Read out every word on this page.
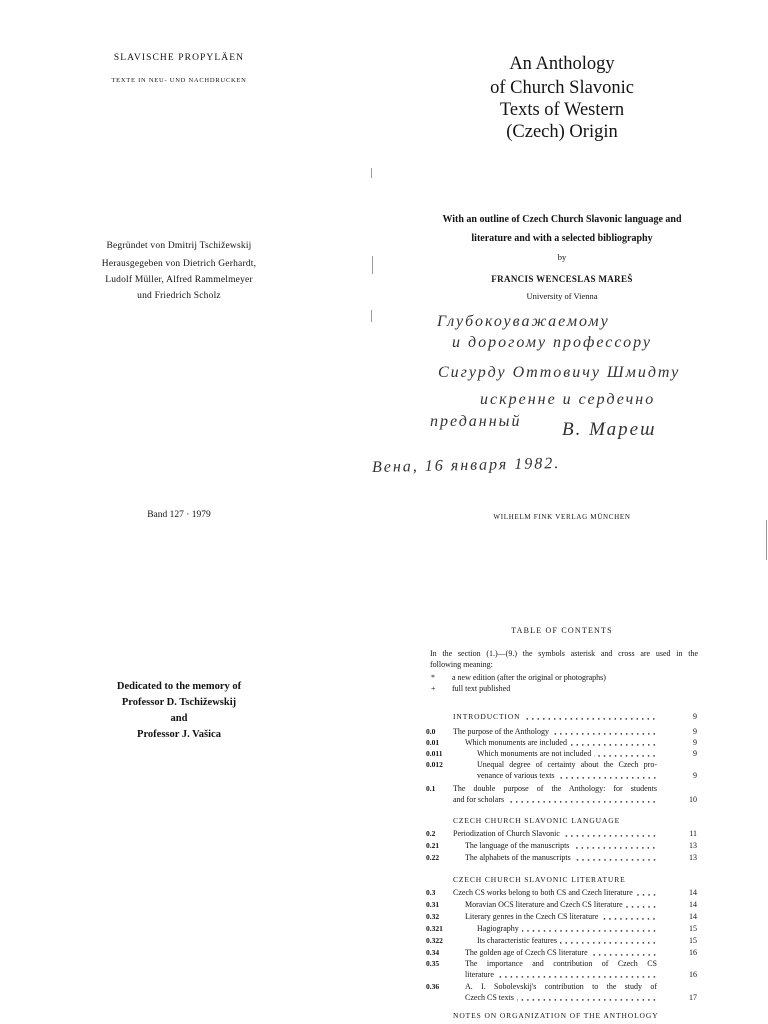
SLAVISCHE PROPYLÄEN
TEXTE IN NEU- UND NACHDRUCKEN
Begründet von Dmitrij Tschižewskij
Herausgegeben von Dietrich Gerhardt,
Ludolf Müller, Alfred Rammelmeyer
und Friedrich Scholz
Band 127 · 1979
Dedicated to the memory of
Professor D. Tschižewskij
and
Professor J. Vašica
An Anthology
of Church Slavonic
Texts of Western
(Czech) Origin
With an outline of Czech Church Slavonic language and
literature and with a selected bibliography
by
FRANCIS WENCESLAS MAREŠ
University of Vienna
Глубокоуважаемому
и дорогому профессору
Сигурду Оттовичу Шмидту
искренне и сердечно
преданный В. Мареш
Вена, 16 января 1982.
WILHELM FINK VERLAG MÜNCHEN
TABLE OF CONTENTS
In the section (1.)—(9.) the symbols asterisk and cross are used in the
following meaning:
* a new edition (after the original or photographs)
+ full text published
INTRODUCTION	9
0.0 The purpose of the Anthology	9
0.01	Which monuments are included	9
0.011	Which monuments are not included	9
0.012	Unequal degree of certainty about the Czech pro-
venance of various texts	9
0.1 The double purpose of the Anthology: for students
and for scholars	10
CZECH CHURCH SLAVONIC LANGUAGE
0.2 Periodization of Church Slavonic	11
0.21	The language of the manuscripts	13
0.22	The alphabets of the manuscripts	13
CZECH CHURCH SLAVONIC LITERATURE
0.3 Czech CS works belong to both CS and Czech literature	14
0.31	Moravian OCS literature and Czech CS literature	14
0.32	Literary genres in the Czech CS literature	14
0.321	Hagiography	15
0.322	Its characteristic features	15
0.34	The golden age of Czech CS literature	16
0.35	The importance and contribution of Czech CS
literature	16
0.36	A. I. Sobolevskij's contribution to the study of
Czech CS texts	17
NOTES ON ORGANIZATION OF THE ANTHOLOGY
